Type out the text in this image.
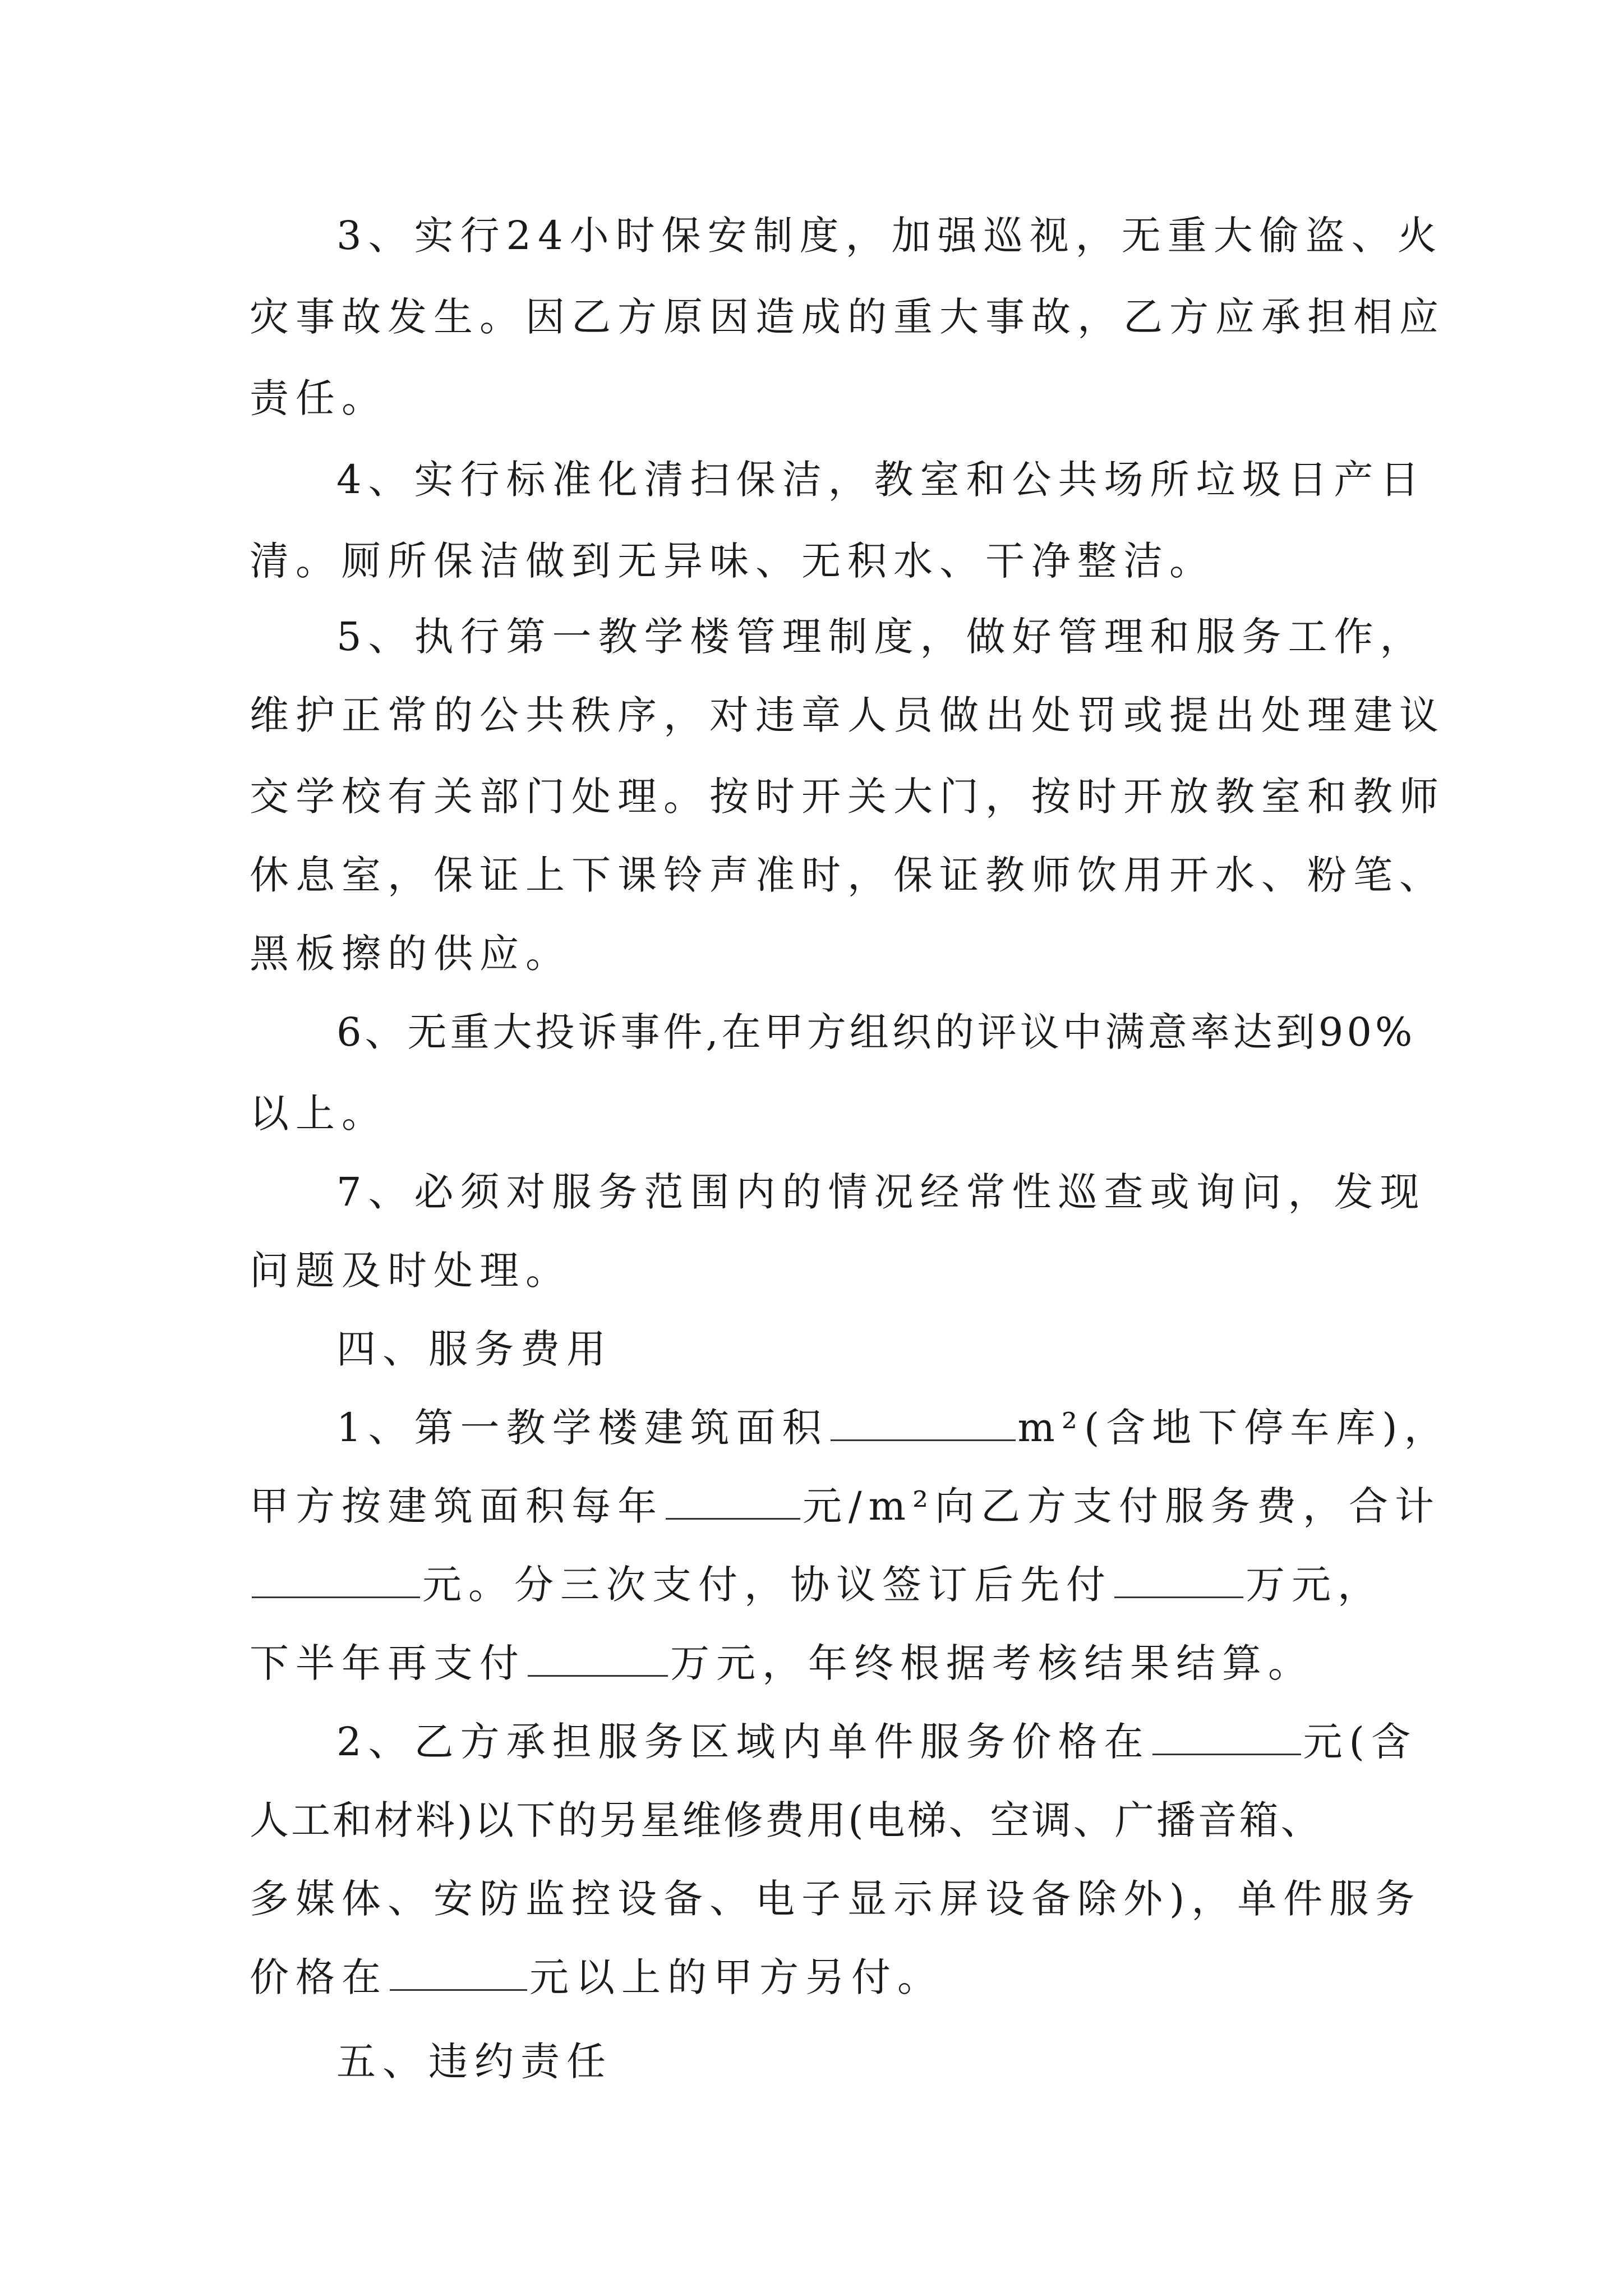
3、实行24小时保安制度，加强巡视，无重大偷盗、火
灾事故发生。因乙方原因造成的重大事故，乙方应承担相应
责任。
4、实行标准化清扫保洁，教室和公共场所垃圾日产日
清。厕所保洁做到无异味、无积水、干净整洁。
5、执行第一教学楼管理制度，做好管理和服务工作，
维护正常的公共秩序，对违章人员做出处罚或提出处理建议
交学校有关部门处理。按时开关大门，按时开放教室和教师
休息室，保证上下课铃声准时，保证教师饮用开水、粉笔、
黑板擦的供应。
6、无重大投诉事件,在甲方组织的评议中满意率达到90%
以上。
7、必须对服务范围内的情况经常性巡查或询问，发现
问题及时处理。
四、服务费用
1、第一教学楼建筑面积	m²(含地下停车库)，
甲方按建筑面积每年	元/m²向乙方支付服务费，合计
元。分三次支付，协议签订后先付	万元，
下半年再支付	万元，年终根据考核结果结算。
2、乙方承担服务区域内单件服务价格在	元(含
人工和材料)以下的另星维修费用(电梯、空调、广播音箱、
多媒体、安防监控设备、电子显示屏设备除外)，单件服务
价格在	元以上的甲方另付。
五、违约责任
